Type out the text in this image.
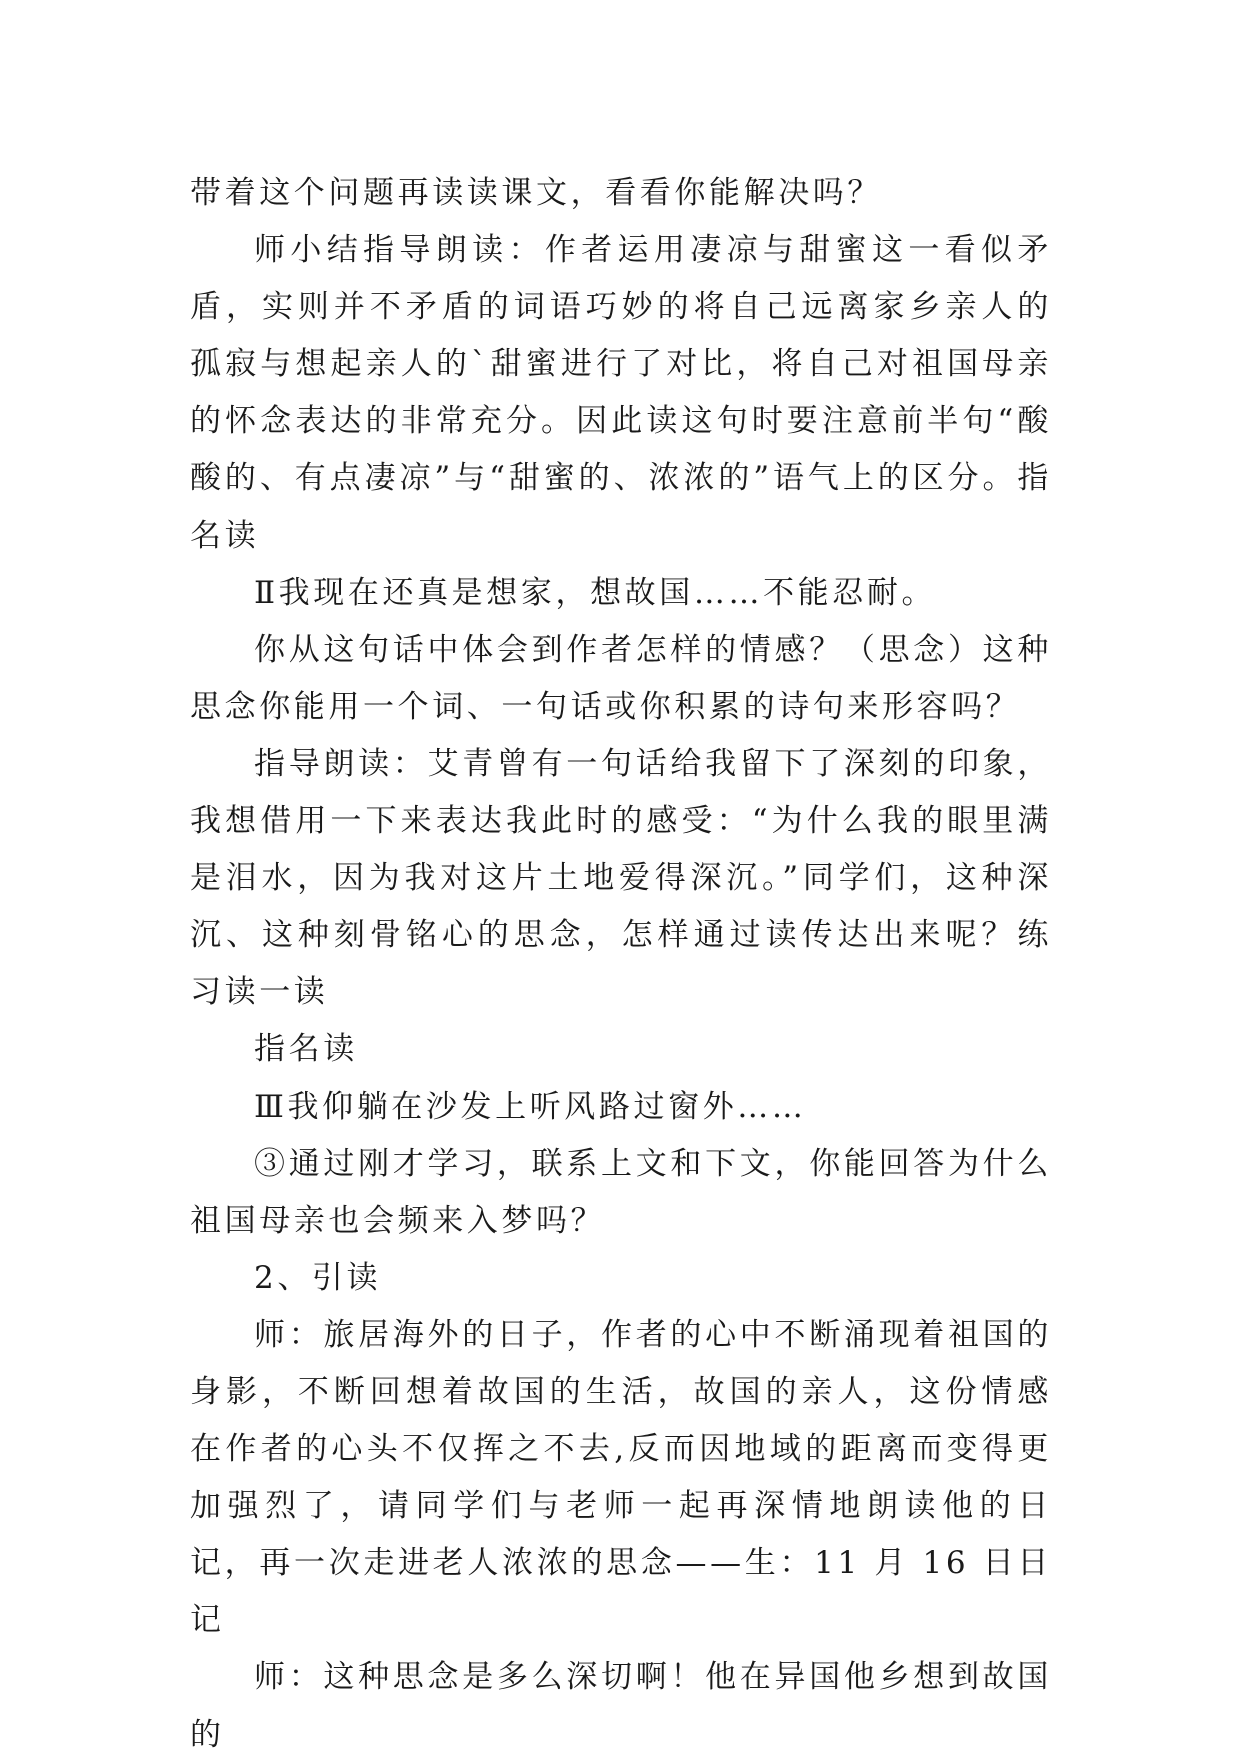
带着这个问题再读读课文，看看你能解决吗？

师小结指导朗读：作者运用凄凉与甜蜜这一看似矛盾，实则并不矛盾的词语巧妙的将自己远离家乡亲人的孤寂与想起亲人的`甜蜜进行了对比，将自己对祖国母亲的怀念表达的非常充分。因此读这句时要注意前半句“酸酸的、有点凄凉”与“甜蜜的、浓浓的”语气上的区分。指名读

Ⅱ我现在还真是想家，想故国……不能忍耐。

你从这句话中体会到作者怎样的情感？（思念）这种思念你能用一个词、一句话或你积累的诗句来形容吗？

指导朗读：艾青曾有一句话给我留下了深刻的印象，我想借用一下来表达我此时的感受：“为什么我的眼里满是泪水，因为我对这片土地爱得深沉。”同学们，这种深沉、这种刻骨铭心的思念，怎样通过读传达出来呢？练习读一读

指名读

Ⅲ我仰躺在沙发上听风路过窗外……

③通过刚才学习，联系上文和下文，你能回答为什么祖国母亲也会频来入梦吗？

2、引读

师：旅居海外的日子，作者的心中不断涌现着祖国的身影，不断回想着故国的生活，故国的亲人，这份情感在作者的心头不仅挥之不去,反而因地域的距离而变得更加强烈了，请同学们与老师一起再深情地朗读他的日记，再一次走进老人浓浓的思念——生：11 月 16 日日记

师：这种思念是多么深切啊！他在异国他乡想到故国的
